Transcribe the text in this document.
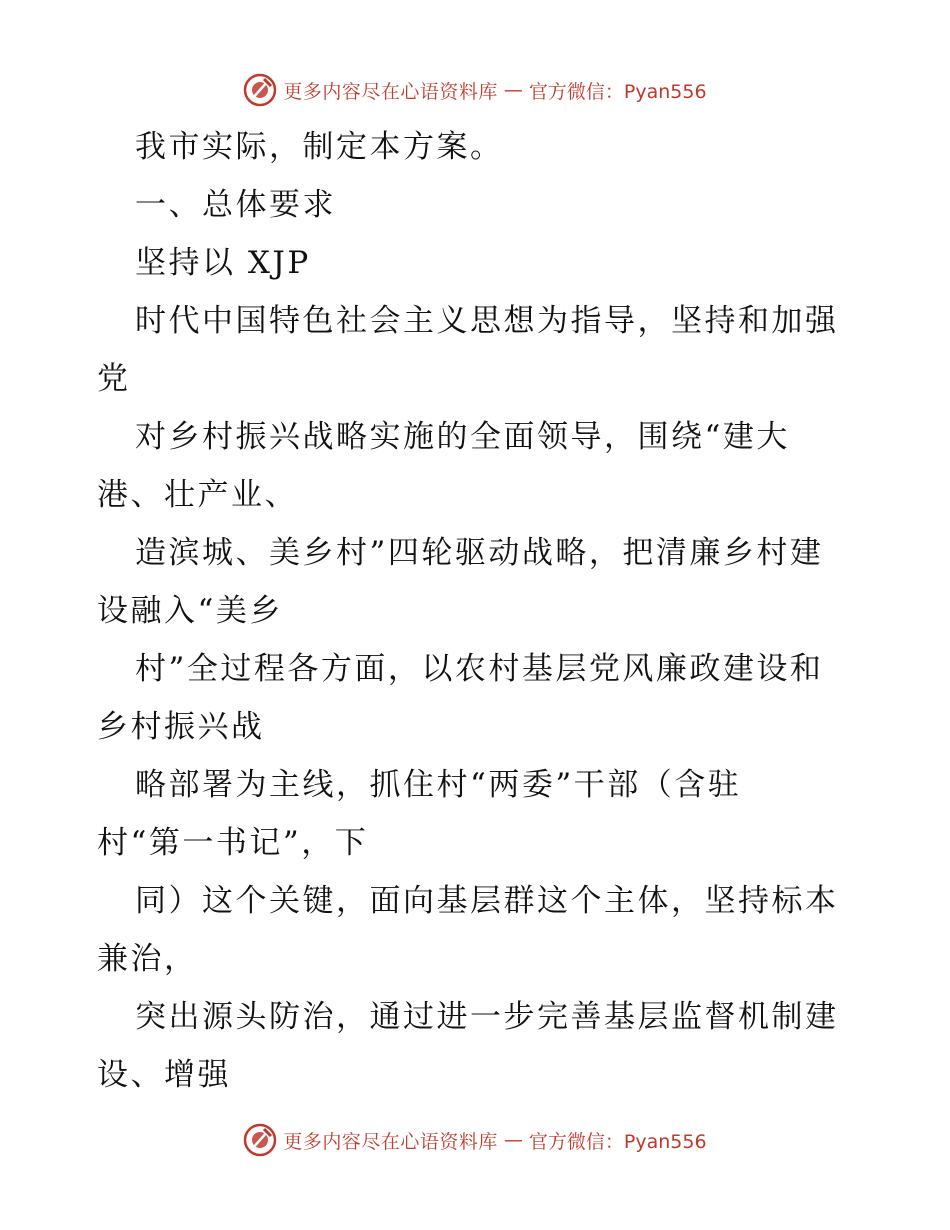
更多内容尽在心语资料库 — 官方微信：Pyan556
我市实际，制定本方案。
一、总体要求
坚持以 XJP
时代中国特色社会主义思想为指导，坚持和加强
党
对乡村振兴战略实施的全面领导，围绕“建大
港、壮产业、
造滨城、美乡村”四轮驱动战略，把清廉乡村建
设融入“美乡
村”全过程各方面，以农村基层党风廉政建设和
乡村振兴战
略部署为主线，抓住村“两委”干部（含驻
村“第一书记”，下
同）这个关键，面向基层群这个主体，坚持标本
兼治，
突出源头防治，通过进一步完善基层监督机制建
设、增强
更多内容尽在心语资料库 — 官方微信：Pyan556
